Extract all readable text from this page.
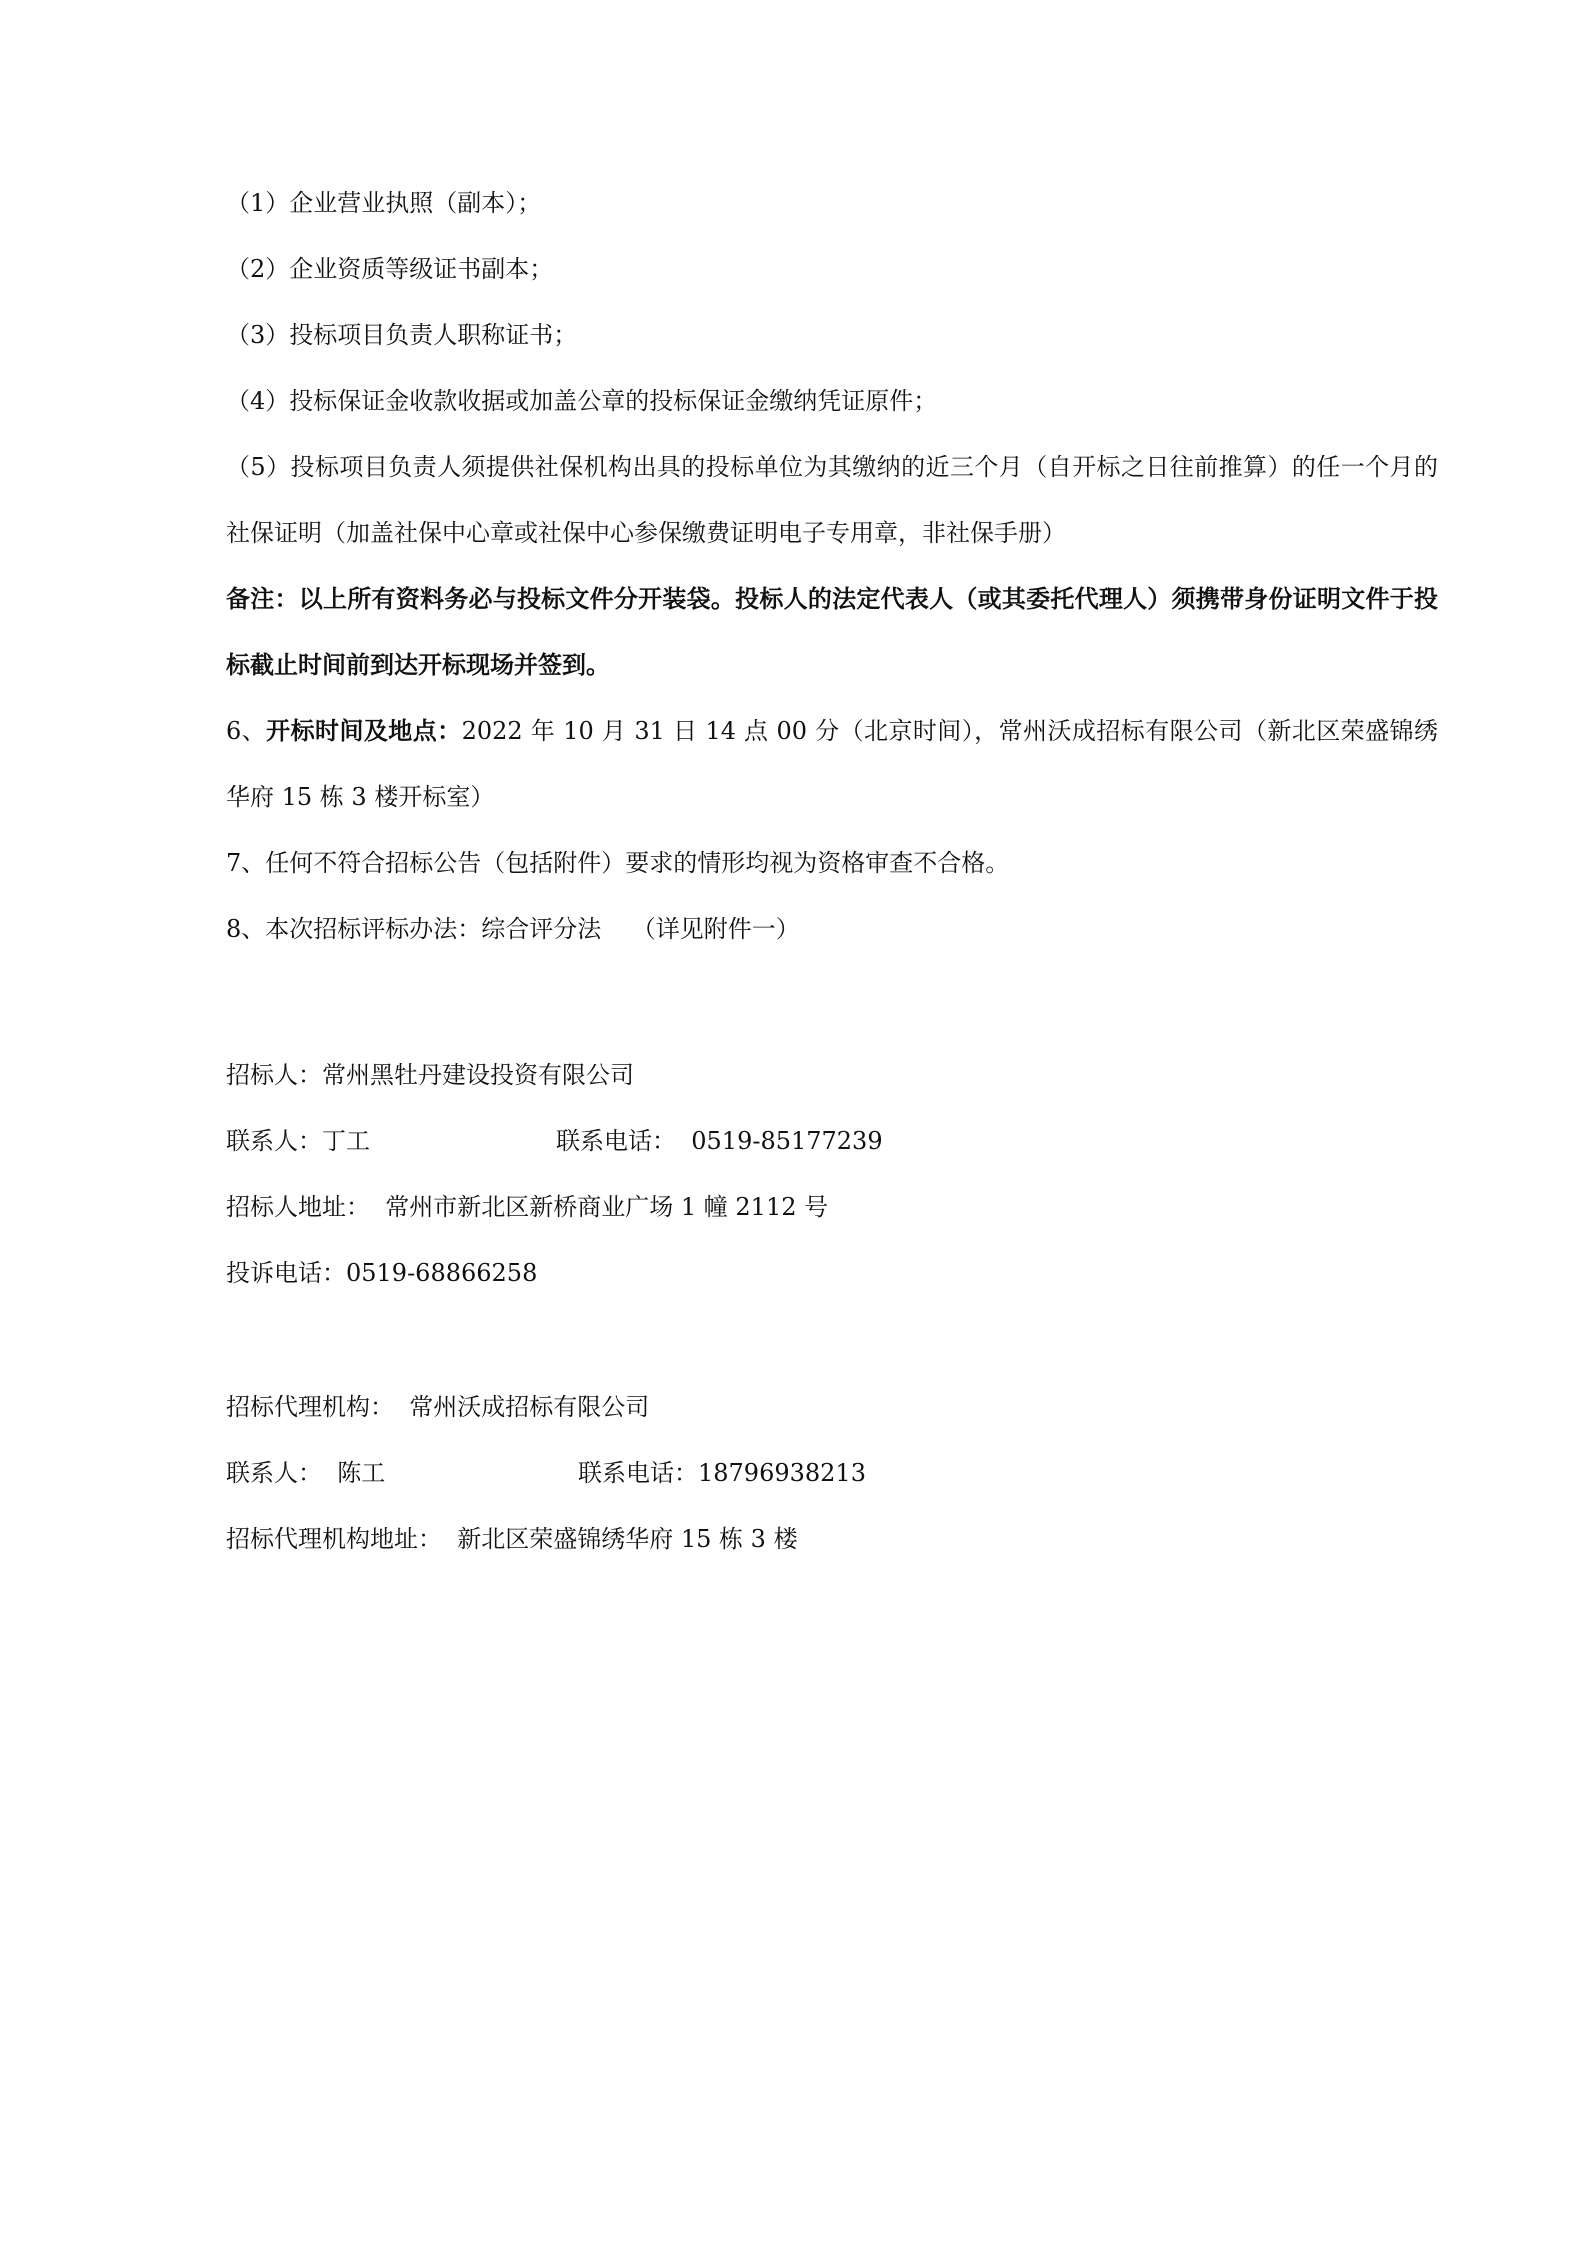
（1）企业营业执照（副本）；

（2）企业资质等级证书副本；

（3）投标项目负责人职称证书；

（4）投标保证金收款收据或加盖公章的投标保证金缴纳凭证原件；

（5）投标项目负责人须提供社保机构出具的投标单位为其缴纳的近三个月（自开标之日往前推算）的任一个月的社保证明（加盖社保中心章或社保中心参保缴费证明电子专用章，非社保手册）

备注：以上所有资料务必与投标文件分开装袋。投标人的法定代表人（或其委托代理人）须携带身份证明文件于投标截止时间前到达开标现场并签到。

6、开标时间及地点：2022 年 10 月 31 日 14 点 00 分（北京时间），常州沃成招标有限公司（新北区荣盛锦绣华府 15 栋 3 楼开标室）

7、任何不符合招标公告（包括附件）要求的情形均视为资格审查不合格。

8、本次招标评标办法：综合评分法    （详见附件一）

招标人：常州黑牡丹建设投资有限公司

联系人：丁工	联系电话：  0519-85177239

招标人地址：  常州市新北区新桥商业广场 1 幢 2112 号

投诉电话：0519-68866258

招标代理机构：  常州沃成招标有限公司

联系人：  陈工	联系电话：18796938213

招标代理机构地址：  新北区荣盛锦绣华府 15 栋 3 楼
